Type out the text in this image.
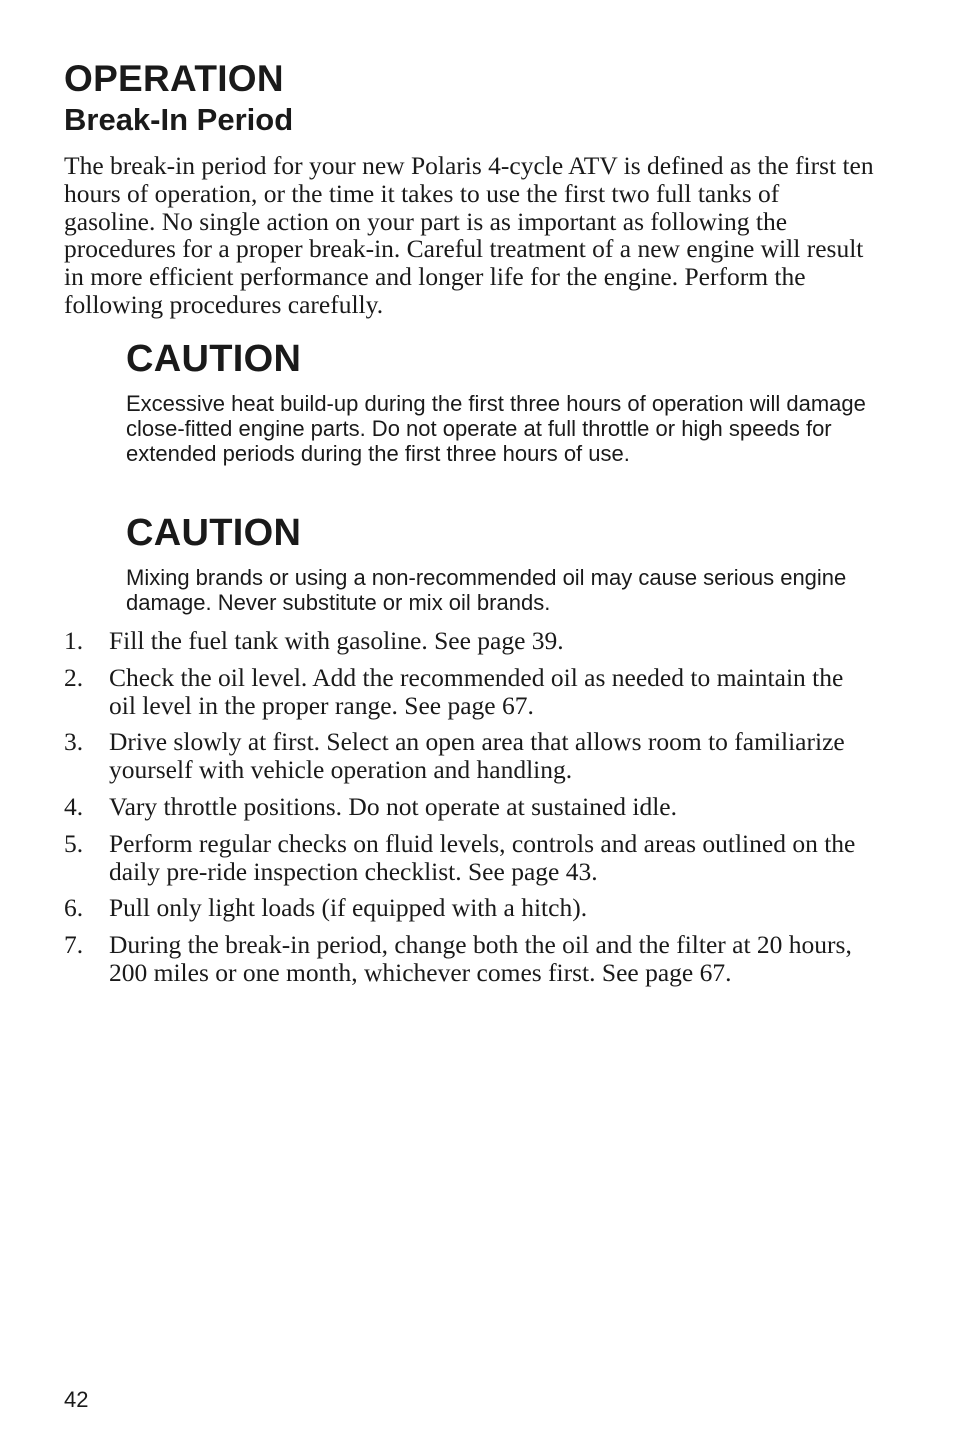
OPERATION
Break-In Period

The break-in period for your new Polaris 4-cycle ATV is defined as the first ten hours of operation, or the time it takes to use the first two full tanks of gasoline. No single action on your part is as important as following the procedures for a proper break-in. Careful treatment of a new engine will result in more efficient performance and longer life for the engine. Perform the following procedures carefully.

CAUTION

Excessive heat build-up during the first three hours of operation will damage close-fitted engine parts. Do not operate at full throttle or high speeds for extended periods during the first three hours of use.

CAUTION

Mixing brands or using a non-recommended oil may cause serious engine damage. Never substitute or mix oil brands.

1. Fill the fuel tank with gasoline. See page 39.
2. Check the oil level. Add the recommended oil as needed to maintain the oil level in the proper range. See page 67.
3. Drive slowly at first. Select an open area that allows room to familiarize yourself with vehicle operation and handling.
4. Vary throttle positions. Do not operate at sustained idle.
5. Perform regular checks on fluid levels, controls and areas outlined on the daily pre-ride inspection checklist. See page 43.
6. Pull only light loads (if equipped with a hitch).
7. During the break-in period, change both the oil and the filter at 20 hours, 200 miles or one month, whichever comes first. See page 67.
42
